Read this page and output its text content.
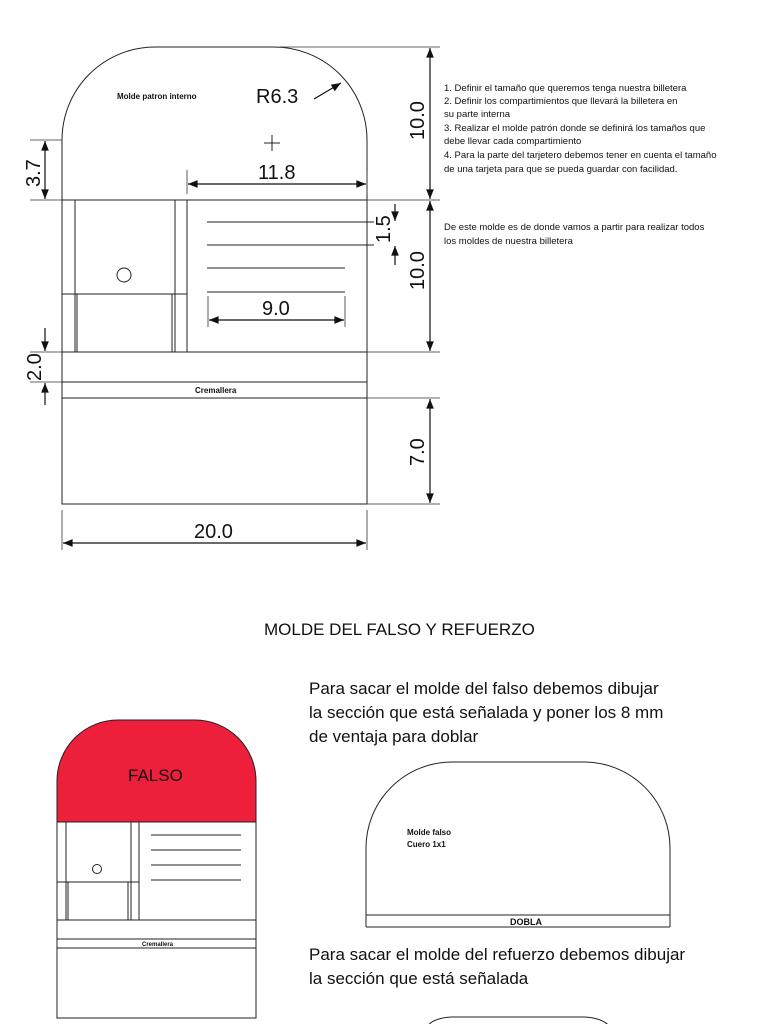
Molde patron interno	R6.3
Cremallera
11.8
9.0
20.0
10.0
10.0
7.0
1.5
3.7
2.0
1. Definir el tamaño que queremos tenga nuestra billetera
2. Definir los compartimientos que llevará la billetera en
su parte interna
3. Realizar el molde patrón donde se definirá los tamaños que
debe llevar cada compartimiento
4. Para la parte del tarjetero debemos tener en cuenta el tamaño
de una tarjeta para que se pueda guardar con facilidad.
De este molde es de donde vamos a partir para realizar todos
los moldes de nuestra billetera
MOLDE DEL FALSO Y REFUERZO
FALSO
Cremallera
Para sacar el molde del falso debemos dibujar
la sección que está señalada y poner los 8 mm
de ventaja para doblar
Para sacar el molde del refuerzo debemos dibujar
la sección que está señalada
Molde falso
Cuero 1x1
DOBLA
